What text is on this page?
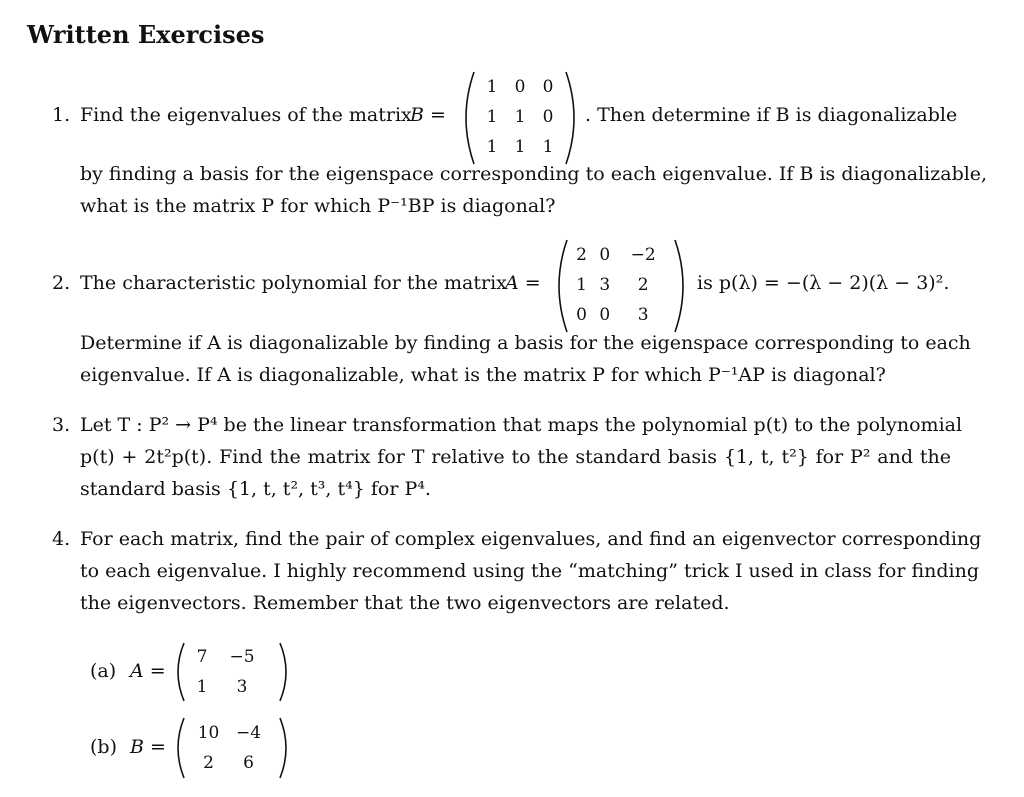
Written Exercises
1. Find the eigenvalues of the matrix
B =
1	0	0
1	1	0
1	1	1
. Then determine if B is diagonalizable
by finding a basis for the eigenspace corresponding to each eigenvalue. If B is diagonalizable,
what is the matrix P for which P⁻¹BP is diagonal?
2. The characteristic polynomial for the matrix
A =
2	0	−2
1	3	2
0	0	3
is p(λ) = −(λ − 2)(λ − 3)².
Determine if A is diagonalizable by finding a basis for the eigenspace corresponding to each
eigenvalue. If A is diagonalizable, what is the matrix P for which P⁻¹AP is diagonal?
3. Let T : P² → P⁴ be the linear transformation that maps the polynomial p(t) to the polynomial
p(t) + 2t²p(t). Find the matrix for T relative to the standard basis {1, t, t²} for P² and the
standard basis {1, t, t², t³, t⁴} for P⁴.
4. For each matrix, find the pair of complex eigenvalues, and find an eigenvector corresponding
to each eigenvalue. I highly recommend using the “matching” trick I used in class for finding
the eigenvectors. Remember that the two eigenvectors are related.
(a) A =
7	−5
1	3
(b) B =
10	−4
2	6
